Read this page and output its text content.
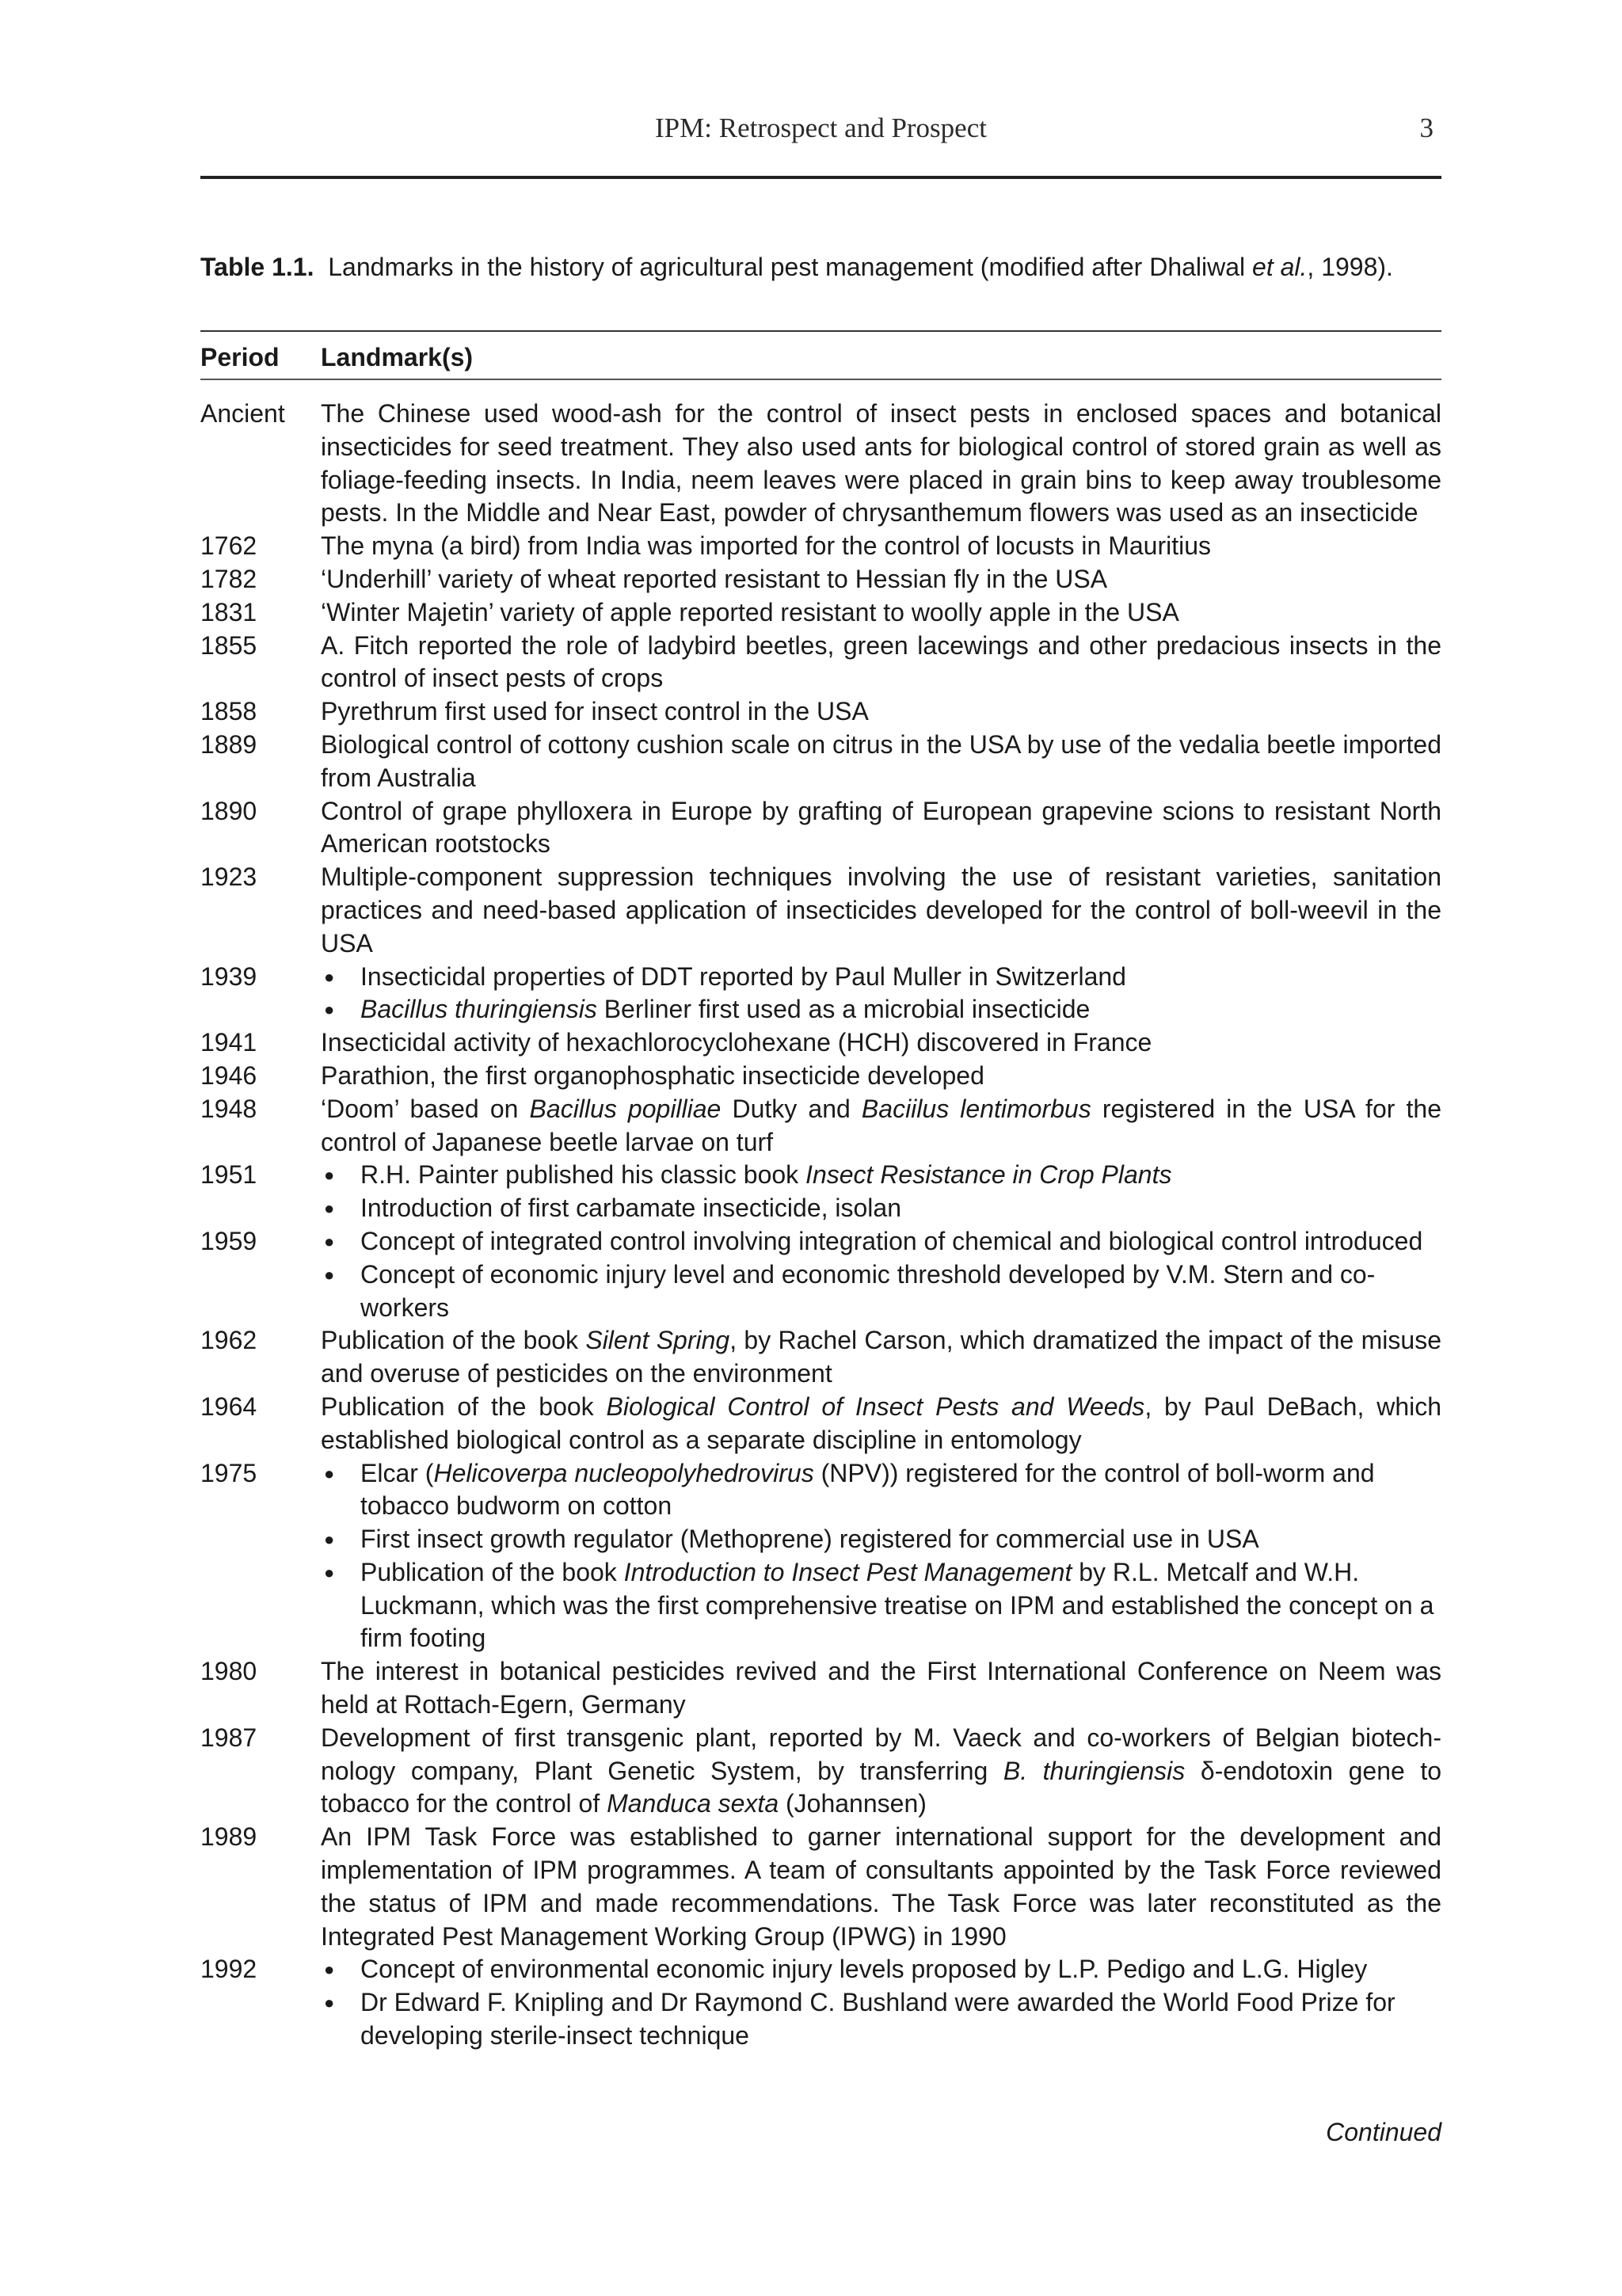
IPM: Retrospect and Prospect	3
Table 1.1. Landmarks in the history of agricultural pest management (modified after Dhaliwal et al., 1998).
Period Landmark(s)
Ancient	The Chinese used wood-ash for the control of insect pests in enclosed spaces and botanical insecticides for seed treatment. They also used ants for biological control of stored grain as well as foliage-feeding insects. In India, neem leaves were placed in grain bins to keep away troublesome pests. In the Middle and Near East, powder of chrysanthemum flowers was used as an insecticide
1762	The myna (a bird) from India was imported for the control of locusts in Mauritius
1782	‘Underhill’ variety of wheat reported resistant to Hessian fly in the USA
1831	‘Winter Majetin’ variety of apple reported resistant to woolly apple in the USA
1855	A. Fitch reported the role of ladybird beetles, green lacewings and other predacious insects in the control of insect pests of crops
1858	Pyrethrum first used for insect control in the USA
1889	Biological control of cottony cushion scale on citrus in the USA by use of the vedalia beetle imported from Australia
1890	Control of grape phylloxera in Europe by grafting of European grapevine scions to resistant North American rootstocks
1923	Multiple-component suppression techniques involving the use of resistant varieties, sanitation practices and need-based application of insecticides developed for the control of boll-weevil in the USA
1939	● Insecticidal properties of DDT reported by Paul Muller in Switzerland
● Bacillus thuringiensis Berliner first used as a microbial insecticide
1941	Insecticidal activity of hexachlorocyclohexane (HCH) discovered in France
1946	Parathion, the first organophosphatic insecticide developed
1948	‘Doom’ based on Bacillus popilliae Dutky and Baciilus lentimorbus registered in the USA for the control of Japanese beetle larvae on turf
1951	● R.H. Painter published his classic book Insect Resistance in Crop Plants
● Introduction of first carbamate insecticide, isolan
1959	● Concept of integrated control involving integration of chemical and biological control introduced
● Concept of economic injury level and economic threshold developed by V.M. Stern and co-workers
1962	Publication of the book Silent Spring, by Rachel Carson, which dramatized the impact of the misuse and overuse of pesticides on the environment
1964	Publication of the book Biological Control of Insect Pests and Weeds, by Paul DeBach, which established biological control as a separate discipline in entomology
1975	● Elcar (Helicoverpa nucleopolyhedrovirus (NPV)) registered for the control of boll-worm and tobacco budworm on cotton
● First insect growth regulator (Methoprene) registered for commercial use in USA
● Publication of the book Introduction to Insect Pest Management by R.L. Metcalf and W.H. Luckmann, which was the first comprehensive treatise on IPM and established the concept on a firm footing
1980	The interest in botanical pesticides revived and the First International Conference on Neem was held at Rottach-Egern, Germany
1987	Development of first transgenic plant, reported by M. Vaeck and co-workers of Belgian biotechnology company, Plant Genetic System, by transferring B. thuringiensis δ-endotoxin gene to tobacco for the control of Manduca sexta (Johannsen)
1989	An IPM Task Force was established to garner international support for the development and implementation of IPM programmes. A team of consultants appointed by the Task Force reviewed the status of IPM and made recommendations. The Task Force was later reconstituted as the Integrated Pest Management Working Group (IPWG) in 1990
1992	● Concept of environmental economic injury levels proposed by L.P. Pedigo and L.G. Higley
● Dr Edward F. Knipling and Dr Raymond C. Bushland were awarded the World Food Prize for developing sterile-insect technique
Continued
